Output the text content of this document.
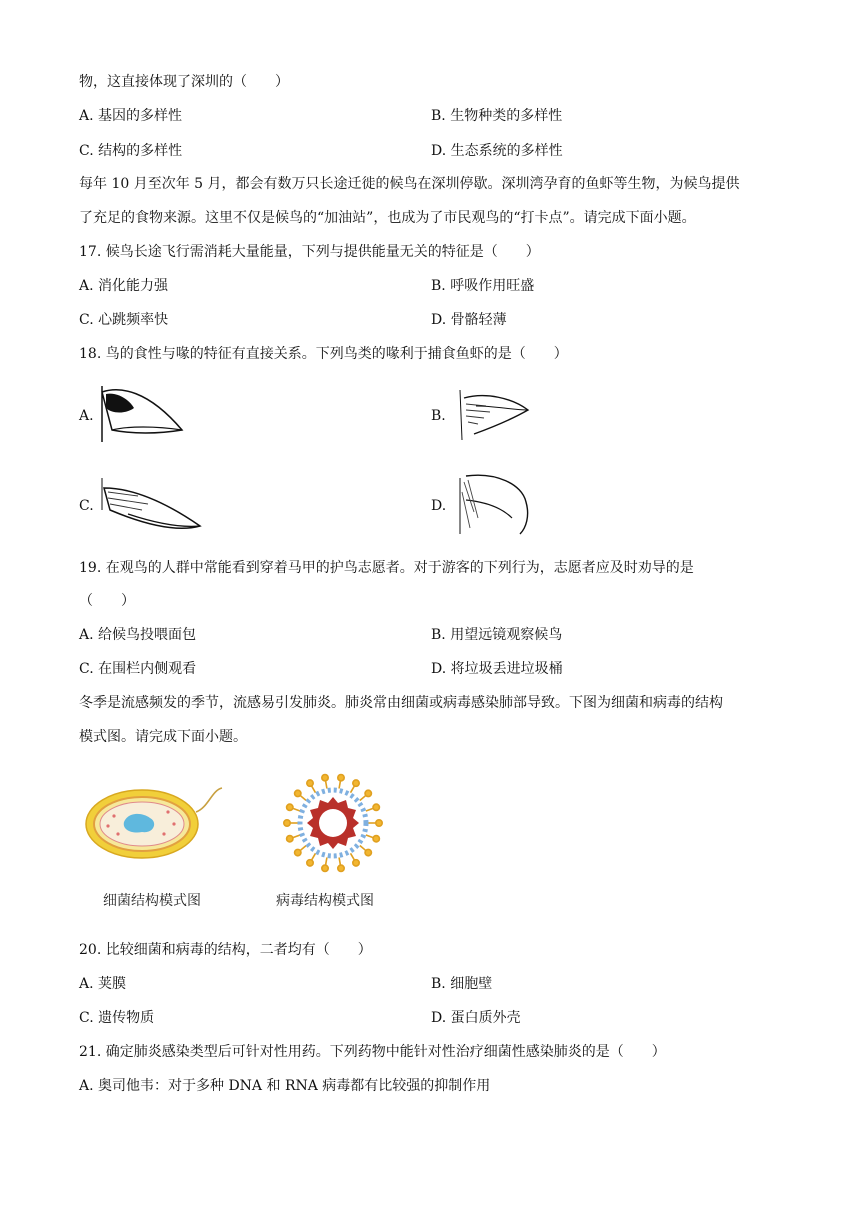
物，这直接体现了深圳的（　　）
A. 基因的多样性	B. 生物种类的多样性
C. 结构的多样性	D. 生态系统的多样性
每年 10 月至次年 5 月，都会有数万只长途迁徙的候鸟在深圳停歇。深圳湾孕育的鱼虾等生物，为候鸟提供
了充足的食物来源。这里不仅是候鸟的“加油站”，也成为了市民观鸟的“打卡点”。请完成下面小题。
17. 候鸟长途飞行需消耗大量能量，下列与提供能量无关的特征是（　　）
A. 消化能力强	B. 呼吸作用旺盛
C. 心跳频率快	D. 骨骼轻薄
18. 鸟的食性与喙的特征有直接关系。下列鸟类的喙利于捕食鱼虾的是（　　）
A.	B.
C.	D.
19. 在观鸟的人群中常能看到穿着马甲的护鸟志愿者。对于游客的下列行为，志愿者应及时劝导的是
（　　）
A. 给候鸟投喂面包	B. 用望远镜观察候鸟
C. 在围栏内侧观看	D. 将垃圾丢进垃圾桶
冬季是流感频发的季节，流感易引发肺炎。肺炎常由细菌或病毒感染肺部导致。下图为细菌和病毒的结构
模式图。请完成下面小题。
细菌结构模式图	病毒结构模式图
20. 比较细菌和病毒的结构，二者均有（　　）
A. 荚膜	B. 细胞壁
C. 遗传物质	D. 蛋白质外壳
21. 确定肺炎感染类型后可针对性用药。下列药物中能针对性治疗细菌性感染肺炎的是（　　）
A. 奥司他韦：对于多种 DNA 和 RNA 病毒都有比较强的抑制作用
